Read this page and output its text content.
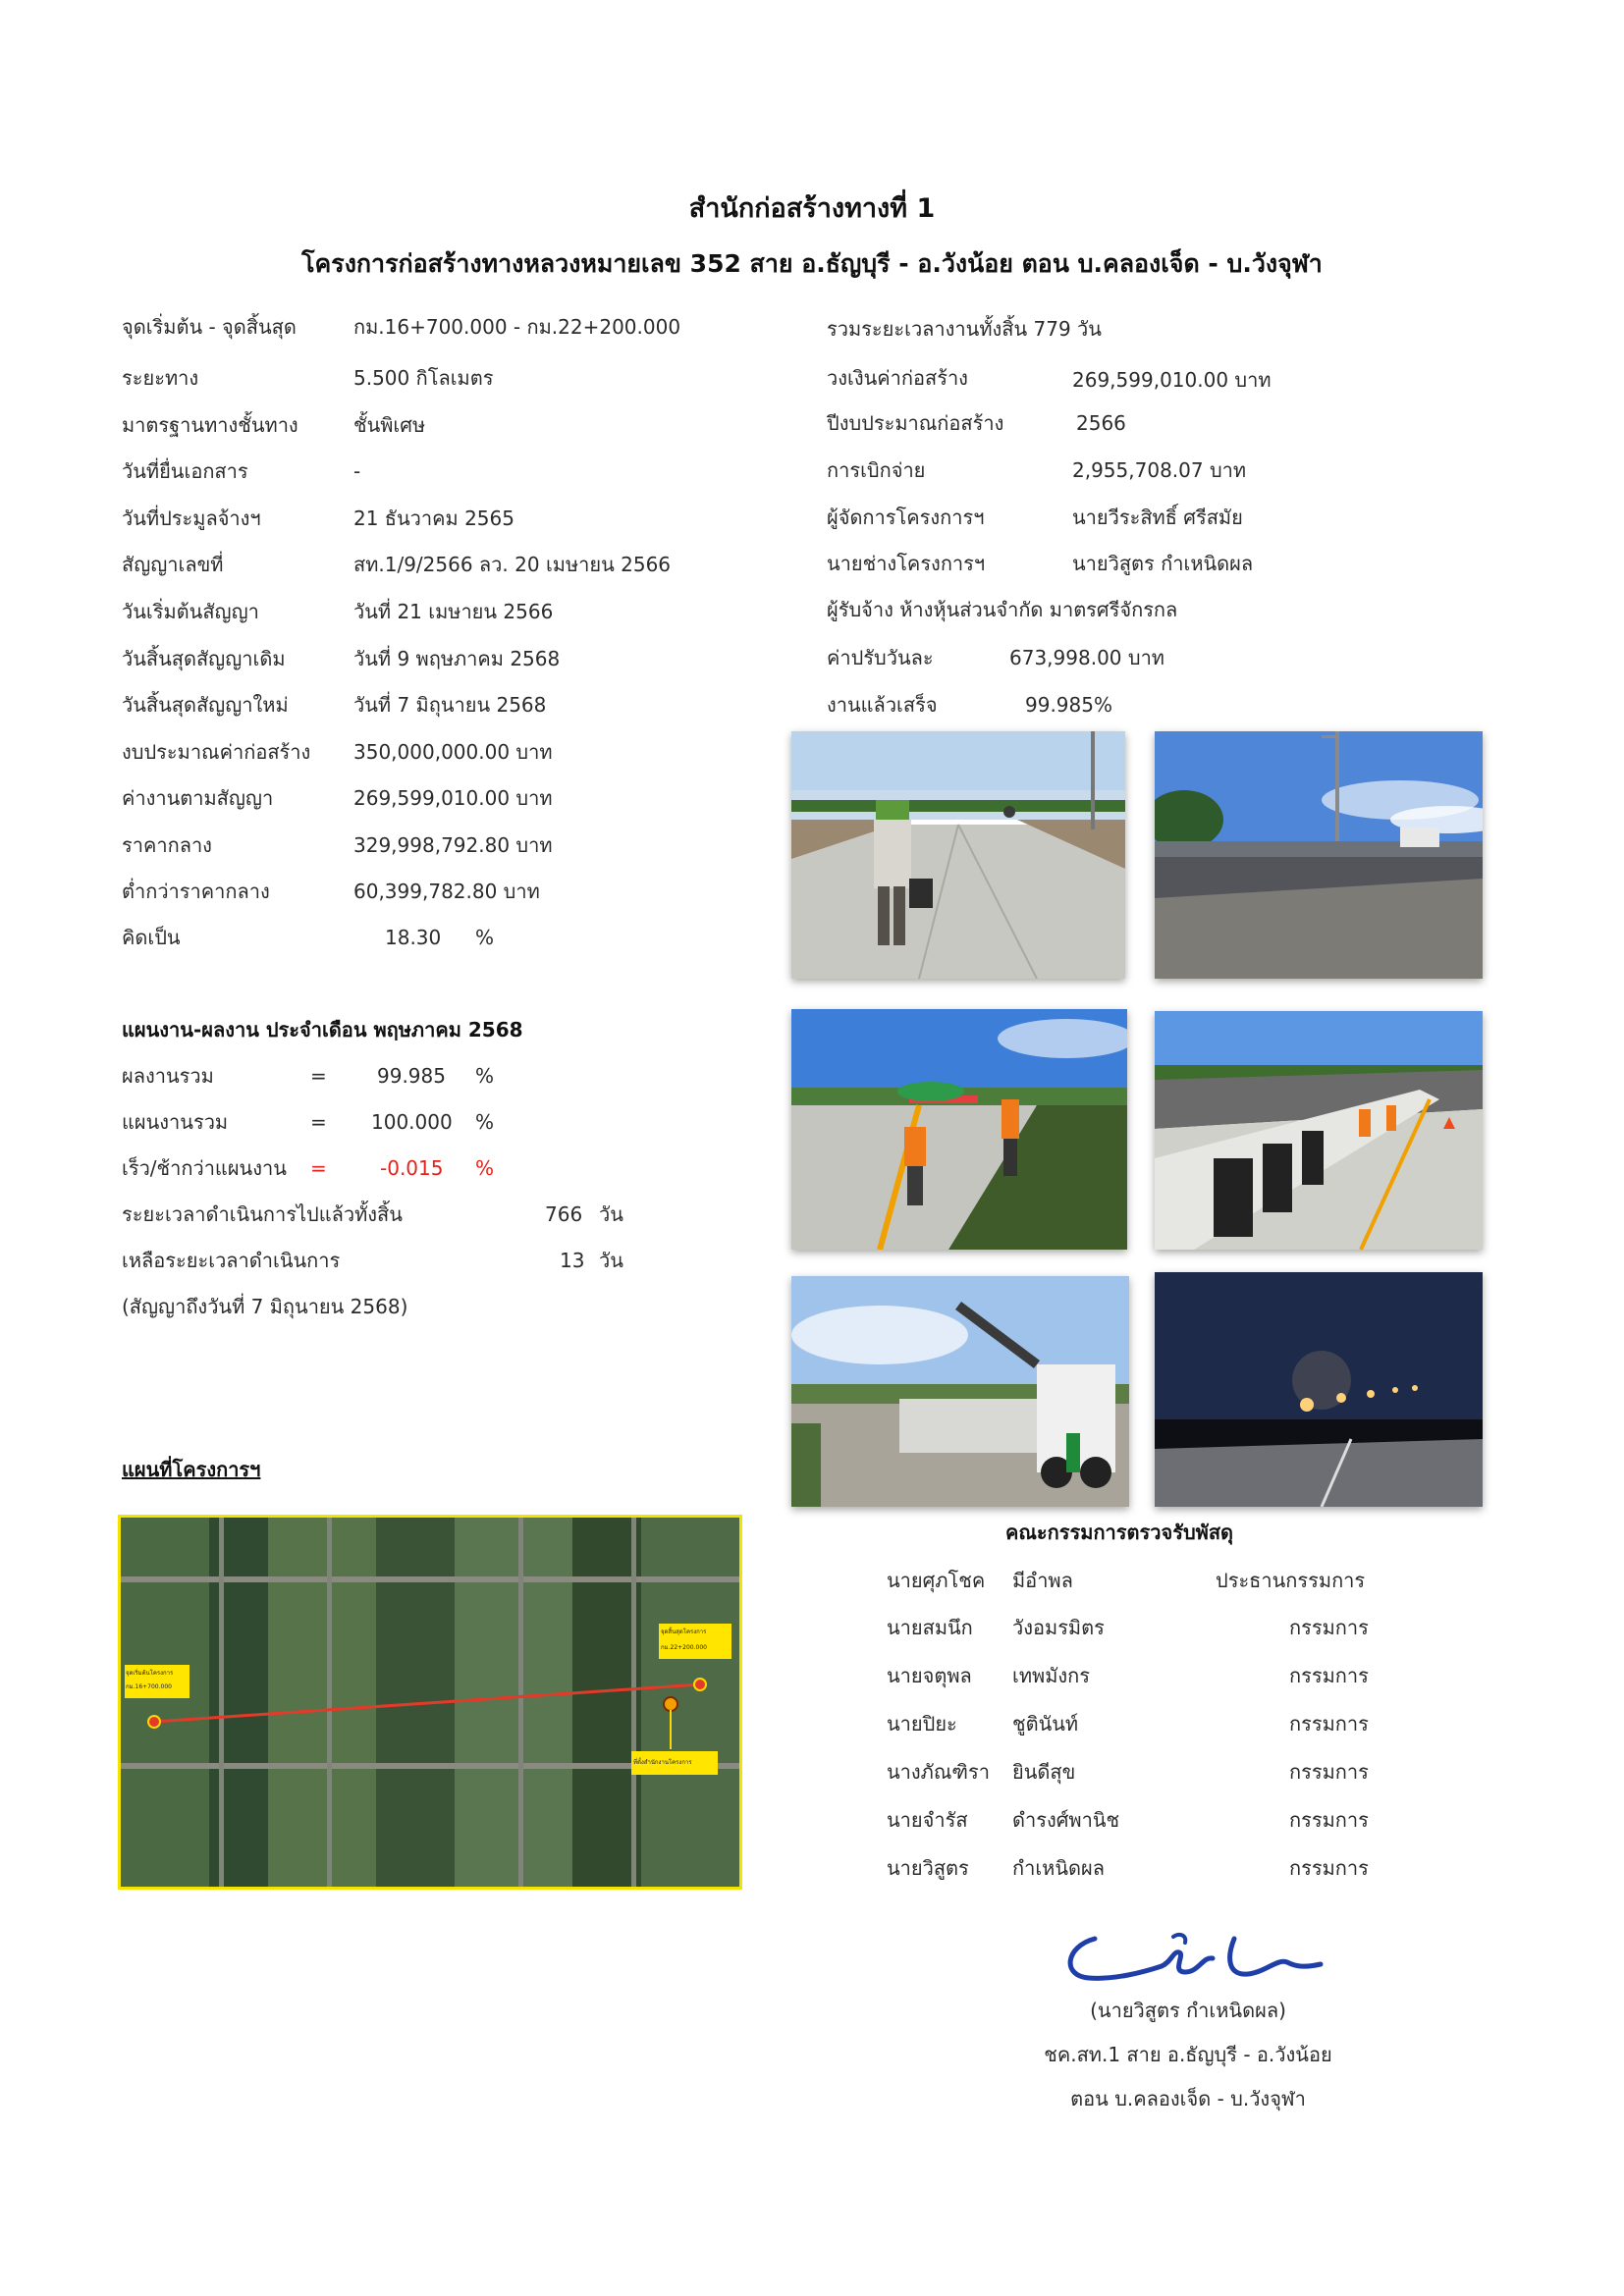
สำนักก่อสร้างทางที่ 1
โครงการก่อสร้างทางหลวงหมายเลข 352 สาย อ.ธัญบุรี - อ.วังน้อย ตอน บ.คลองเจ็ด - บ.วังจุฬา
จุดเริ่มต้น - จุดสิ้นสุด	กม.16+700.000 - กม.22+200.000
ระยะทาง	5.500 กิโลเมตร
มาตรฐานทางชั้นทาง	ชั้นพิเศษ
วันที่ยื่นเอกสาร	-
วันที่ประมูลจ้างฯ	21 ธันวาคม 2565
สัญญาเลขที่	สท.1/9/2566 ลว. 20 เมษายน 2566
วันเริ่มต้นสัญญา	วันที่ 21 เมษายน 2566
วันสิ้นสุดสัญญาเดิม	วันที่ 9 พฤษภาคม 2568
วันสิ้นสุดสัญญาใหม่	วันที่ 7 มิถุนายน 2568
งบประมาณค่าก่อสร้าง 350,000,000.00 บาท
ค่างานตามสัญญา	269,599,010.00 บาท
ราคากลาง	329,998,792.80 บาท
ต่ำกว่าราคากลาง	60,399,782.80 บาท
คิดเป็น	18.30 %
รวมระยะเวลางานทั้งสิ้น 779 วัน
วงเงินค่าก่อสร้าง	269,599,010.00 บาท
ปีงบประมาณก่อสร้าง	2566
การเบิกจ่าย	2,955,708.07 บาท
ผู้จัดการโครงการฯ	นายวีระสิทธิ์ ศรีสมัย
นายช่างโครงการฯ	นายวิสูตร กำเหนิดผล
ผู้รับจ้าง ห้างหุ้นส่วนจำกัด มาตรศรีจักรกล
ค่าปรับวันละ	673,998.00 บาท
งานแล้วเสร็จ	99.985%
แผนงาน-ผลงาน ประจำเดือน พฤษภาคม 2568
ผลงานรวม	=	99.985 %
แผนงานรวม	= 100.000 %
เร็ว/ช้ากว่าแผนงาน =	-0.015 %
ระยะเวลาดำเนินการไปแล้วทั้งสิ้น	766 วัน
เหลือระยะเวลาดำเนินการ	13 วัน
(สัญญาถึงวันที่ 7 มิถุนายน 2568)
แผนที่โครงการฯ
จุดเริ่มต้นโครงการ
กม.16+700.000
จุดสิ้นสุดโครงการ
กม.22+200.000
ที่ตั้งสำนักงานโครงการ
คณะกรรมการตรวจรับพัสดุ
นายศุภโชค มีอำพล	ประธานกรรมการ
นายสมนึก วังอมรมิตร	กรรมการ
นายจตุพล เทพมังกร	กรรมการ
นายปิยะ	ชูตินันท์	กรรมการ
นางภัณฑิรา ยินดีสุข	กรรมการ
นายจำรัส ดำรงศ์พานิช	กรรมการ
นายวิสูตร กำเหนิดผล	กรรมการ
(นายวิสูตร กำเหนิดผล)
ชค.สท.1 สาย อ.ธัญบุรี - อ.วังน้อย
ตอน บ.คลองเจ็ด - บ.วังจุฬา
